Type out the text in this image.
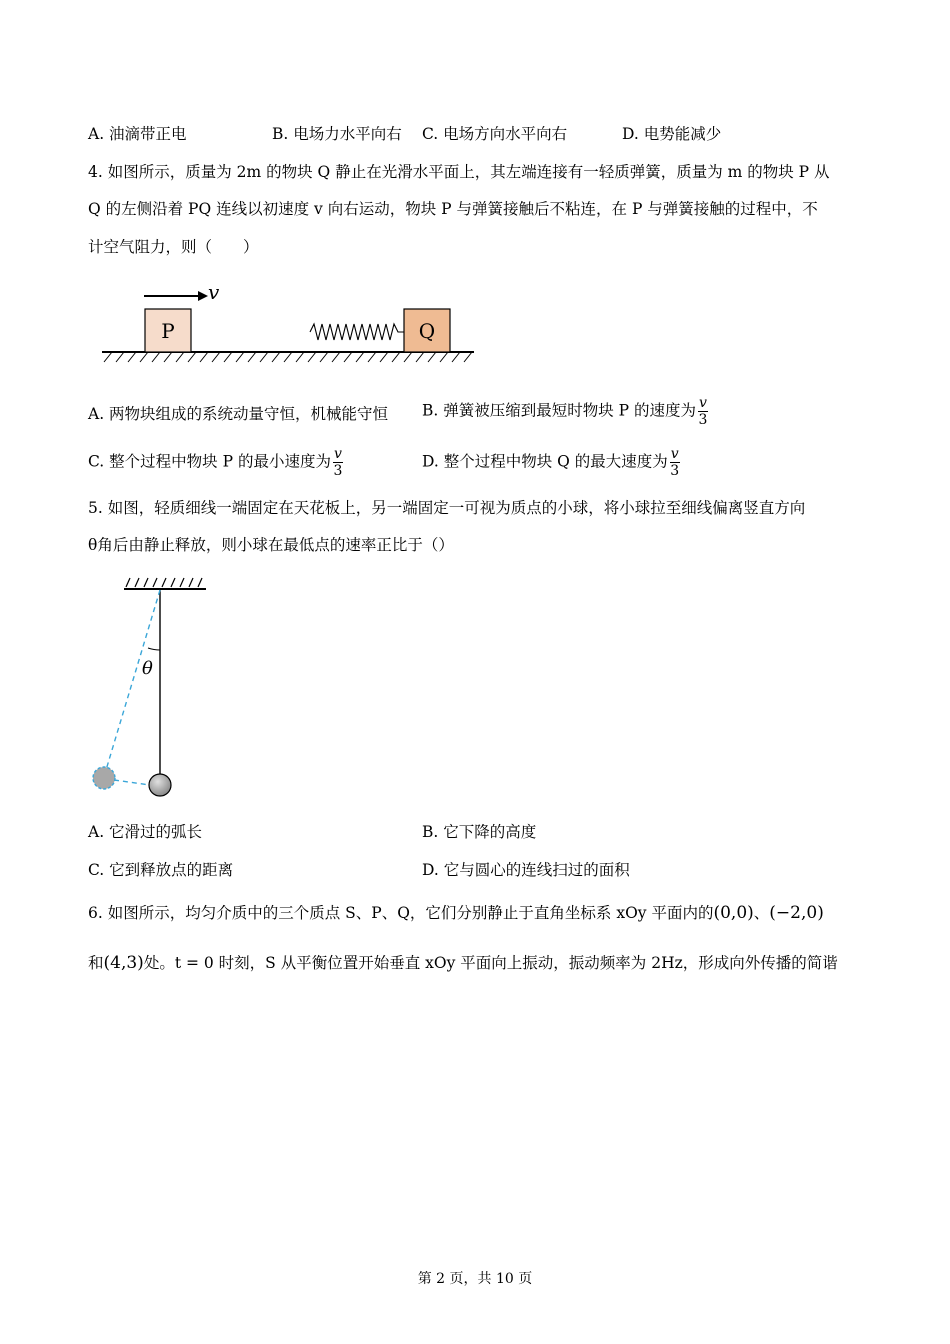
A. 油滴带正电	B. 电场力水平向右 C. 电场方向水平向右	D. 电势能减少
4. 如图所示，质量为 2m 的物块 Q 静止在光滑水平面上，其左端连接有一轻质弹簧，质量为 m 的物块 P 从
Q 的左侧沿着 PQ 连线以初速度 v 向右运动，物块 P 与弹簧接触后不粘连，在 P 与弹簧接触的过程中，不
计空气阻力，则（　　）
v
P	Q
A. 两物块组成的系统动量守恒，机械能守恒 B. 弹簧被压缩到最短时物块 P 的速度为 $\frac{v}{3}$
C. 整个过程中物块 P 的最小速度为 $\frac{v}{3}$	D. 整个过程中物块 Q 的最大速度为 $\frac{v}{3}$
5. 如图，轻质细线一端固定在天花板上，另一端固定一可视为质点的小球，将小球拉至细线偏离竖直方向
θ角后由静止释放，则小球在最低点的速率正比于（）
θ
A. 它滑过的弧长	B. 它下降的高度
C. 它到释放点的距离	D. 它与圆心的连线扫过的面积
6. 如图所示，均匀介质中的三个质点 S、P、Q，它们分别静止于直角坐标系 xOy 平面内的(0,0)、(−2,0)
和(4,3)处。t = 0 时刻，S 从平衡位置开始垂直 xOy 平面向上振动，振动频率为 2Hz，形成向外传播的简谐
第 2 页，共 10 页
